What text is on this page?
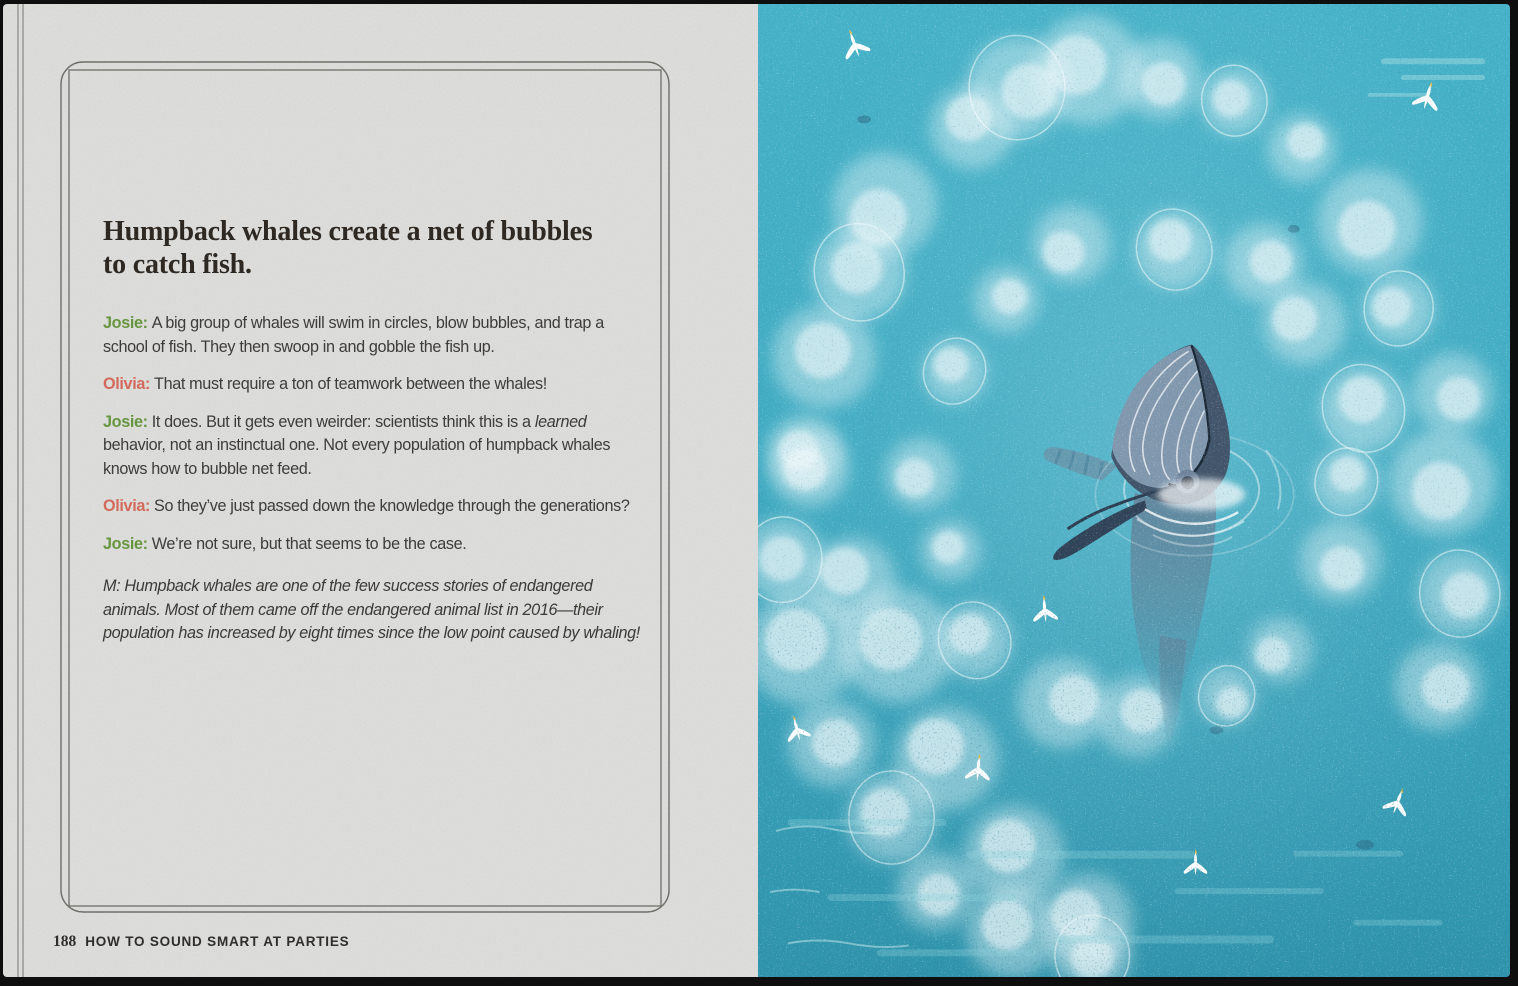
Humpback whales create a net of bubbles
to catch fish.

Josie: A big group of whales will swim in circles, blow bubbles, and trap a school of fish. They then swoop in and gobble the fish up.

Olivia: That must require a ton of teamwork between the whales!

Josie: It does. But it gets even weirder: scientists think this is a learned behavior, not an instinctual one. Not every population of humpback whales knows how to bubble net feed.

Olivia: So they’ve just passed down the knowledge through the generations?

Josie: We’re not sure, but that seems to be the case.

M: Humpback whales are one of the few success stories of endangered animals. Most of them came off the endangered animal list in 2016—their population has increased by eight times since the low point caused by whaling!

188 HOW TO SOUND SMART AT PARTIES
